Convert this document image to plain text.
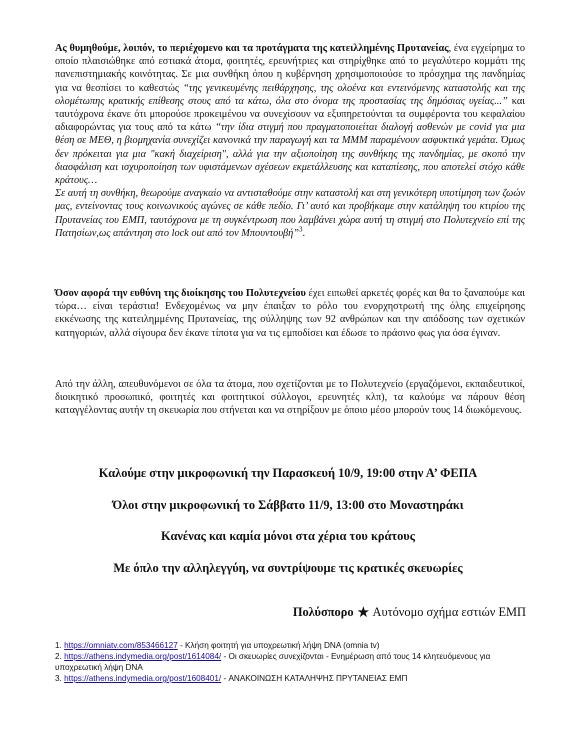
Ας θυμηθούμε, λοιπόν, το περιέχομενο και τα προτάγματα της κατειλλημένης Πρυτανείας, ένα εγχείρημα το οποίο πλαισιώθηκε από εστιακά άτομα, φοιτητές, ερευνήτριες και στηρίχθηκε από το μεγαλύτερο κομμάτι της πανεπιστημιακής κοινότητας. Σε μια συνθήκη όπου η κυβέρνηση χρησιμοποιούσε το πρόσχημα της πανδημίας για να θεσπίσει το καθεστώς “της γενικευμένης πειθάρχησης, της ολοένα και εντεινόμενης καταστολής και της ολομέτωπης κρατικής επίθεσης στους από τα κάτω, όλα στο όνομα της προστασίας της δημόσιας υγείας...” και ταυτόχρονα έκανε ότι μπορούσε προκειμένου να συνεχίσουν να εξυπηρετούνται τα συμφέροντα του κεφαλαίου αδιαφορώντας για τους από τα κάτω “την ίδια στιγμή που πραγματοποιείται διαλογή ασθενών με covid για μια θέση σε ΜΕΘ, η βιομηχανία συνεχίζει κανονικά την παραγωγή και τα ΜΜΜ παραμένουν ασφυκτικά γεμάτα. Όμως δεν πρόκειται για μια "κακή διαχείριση", αλλά για την αξιοποίηση της συνθήκης της πανδημίας, με σκοπό την διασφάλιση και ισχυροποίηση των υφιστάμενων σχέσεων εκμετάλλευσης και καταπίεσης, που αποτελεί στόχο κάθε κράτους…
Σε αυτή τη συνθήκη, θεωρούμε αναγκαίο να αντισταθούμε στην καταστολή και στη γενικότερη υποτίμηση των ζωών μας, εντείνοντας τους κοινωνικούς αγώνες σε κάθε πεδίο. Γι’ αυτό και προβήκαμε στην κατάληψη του κτιρίου της Πρυτανείας του ΕΜΠ, ταυτόχρονα με τη συγκέντρωση που λαμβάνει χώρα αυτή τη στιγμή στο Πολυτεχνείο επί της Πατησίων,ως απάντηση στο lock out από τον Μπουντουβή”$^3$.

Όσον αφορά την ευθύνη της διοίκησης του Πολυτεχνείου έχει ειπωθεί αρκετές φορές και θα το ξαναπούμε και τώρα… είναι τεράστια! Ενδεχομένως να μην έπαιξαν το ρόλο του ενορχηστρωτή της όλης επιχείρησης εκκένωσης της κατειλημμένης Πρυτανείας, της σύλληψης των 92 ανθρώπων και την απόδοσης των σχετικών κατηγοριών, αλλά σίγουρα δεν έκανε τίποτα για να τις εμποδίσει και έδωσε το πράσινο φως για όσα έγιναν.

Από την άλλη, απευθυνόμενοι σε όλα τα άτομα, που σχετίζονται με το Πολυτεχνείο (εργαζόμενοι, εκπαιδευτικοί, διοικητικό προσωπικό, φοιτητές και φοιτητικοί σύλλογοι, ερευνητές κλπ), τα καλούμε να πάρουν θέση καταγγέλοντας αυτήν τη σκευωρία που στήνεται και να στηρίξουν με όποιο μέσο μπορούν τους 14 διωκόμενους.

Καλούμε στην μικροφωνική την Παρασκευή 10/9, 19:00 στην Α’ ΦΕΠΑ
Όλοι στην μικροφωνική το Σάββατο 11/9, 13:00 στο Μοναστηράκι
Κανένας και καμία μόνοι στα χέρια του κράτους
Με όπλο την αλληλεγγύη, να συντρίψουμε τις κρατικές σκευωρίες
Πολύσπορο ★ Αυτόνομο σχήμα εστιών ΕΜΠ
1. https://omniatv.com/853466127 - Κλήση φοιτητή για υποχρεωτική λήψη DNA (omnia tv)
2. https://athens.indymedia.org/post/1614084/ - Οι σκευωρίες συνεχίζονται - Ενημέρωση από τους 14 κλητευόμενους για υποχρεωτική λήψη DNA
3. https://athens.indymedia.org/post/1608401/ - ΑΝΑΚΟΙΝΩΣΗ ΚΑΤΑΛΗΨΗΣ ΠΡΥΤΑΝΕΙΑΣ ΕΜΠ
